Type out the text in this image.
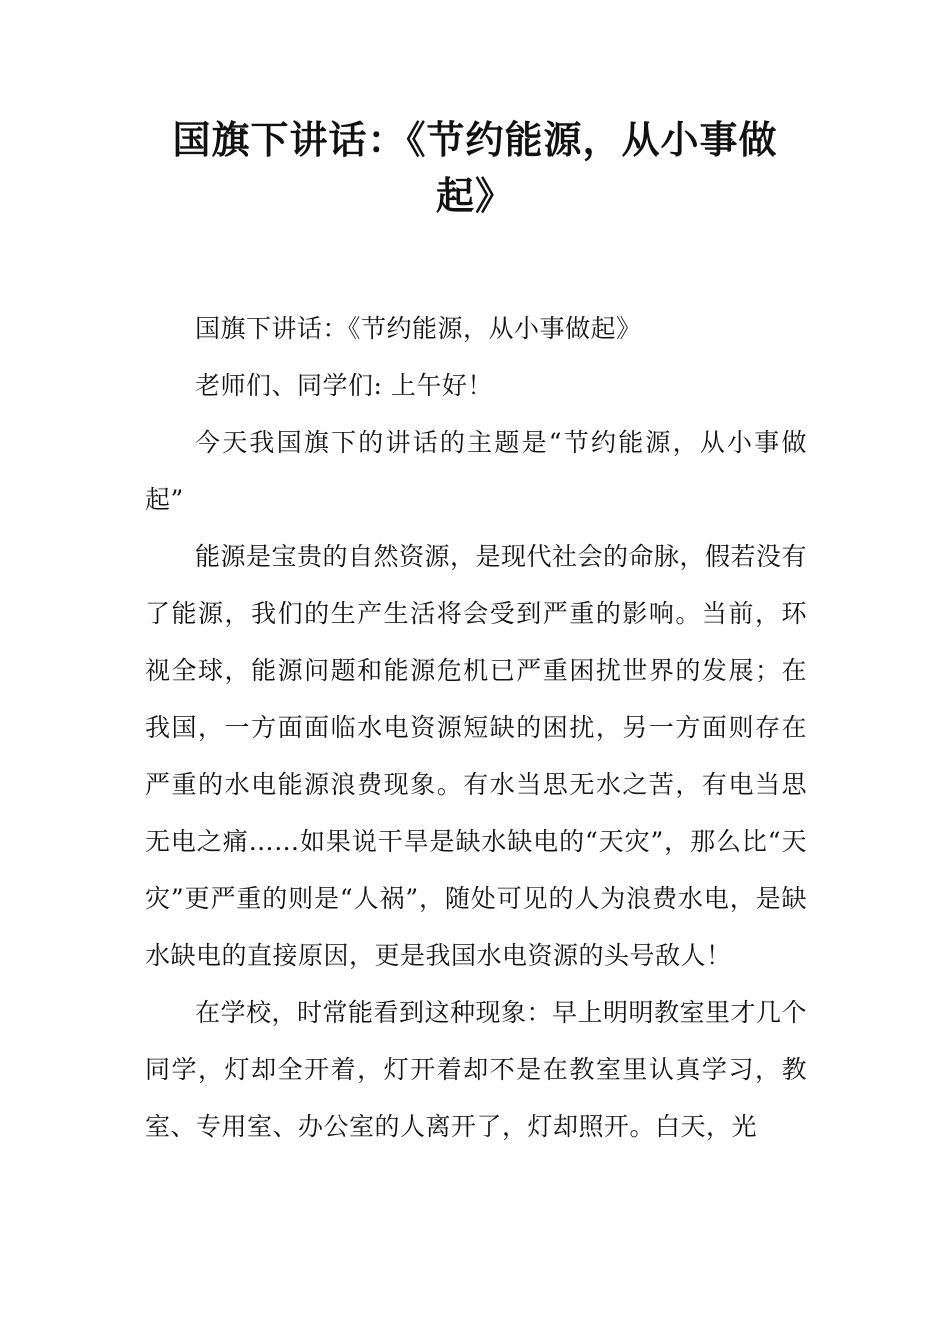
国旗下讲话：《节约能源，从小事做起》

国旗下讲话：《节约能源，从小事做起》

老师们、同学们: 上午好！

今天我国旗下的讲话的主题是“节约能源，从小事做起”

能源是宝贵的自然资源，是现代社会的命脉，假若没有了能源，我们的生产生活将会受到严重的影响。当前，环视全球，能源问题和能源危机已严重困扰世界的发展；在我国，一方面面临水电资源短缺的困扰，另一方面则存在严重的水电能源浪费现象。有水当思无水之苦，有电当思无电之痛……如果说干旱是缺水缺电的“天灾”，那么比“天灾”更严重的则是“人祸”，随处可见的人为浪费水电，是缺水缺电的直接原因，更是我国水电资源的头号敌人！

在学校，时常能看到这种现象：早上明明教室里才几个同学，灯却全开着，灯开着却不是在教室里认真学习，教室、专用室、办公室的人离开了，灯却照开。白天，光
